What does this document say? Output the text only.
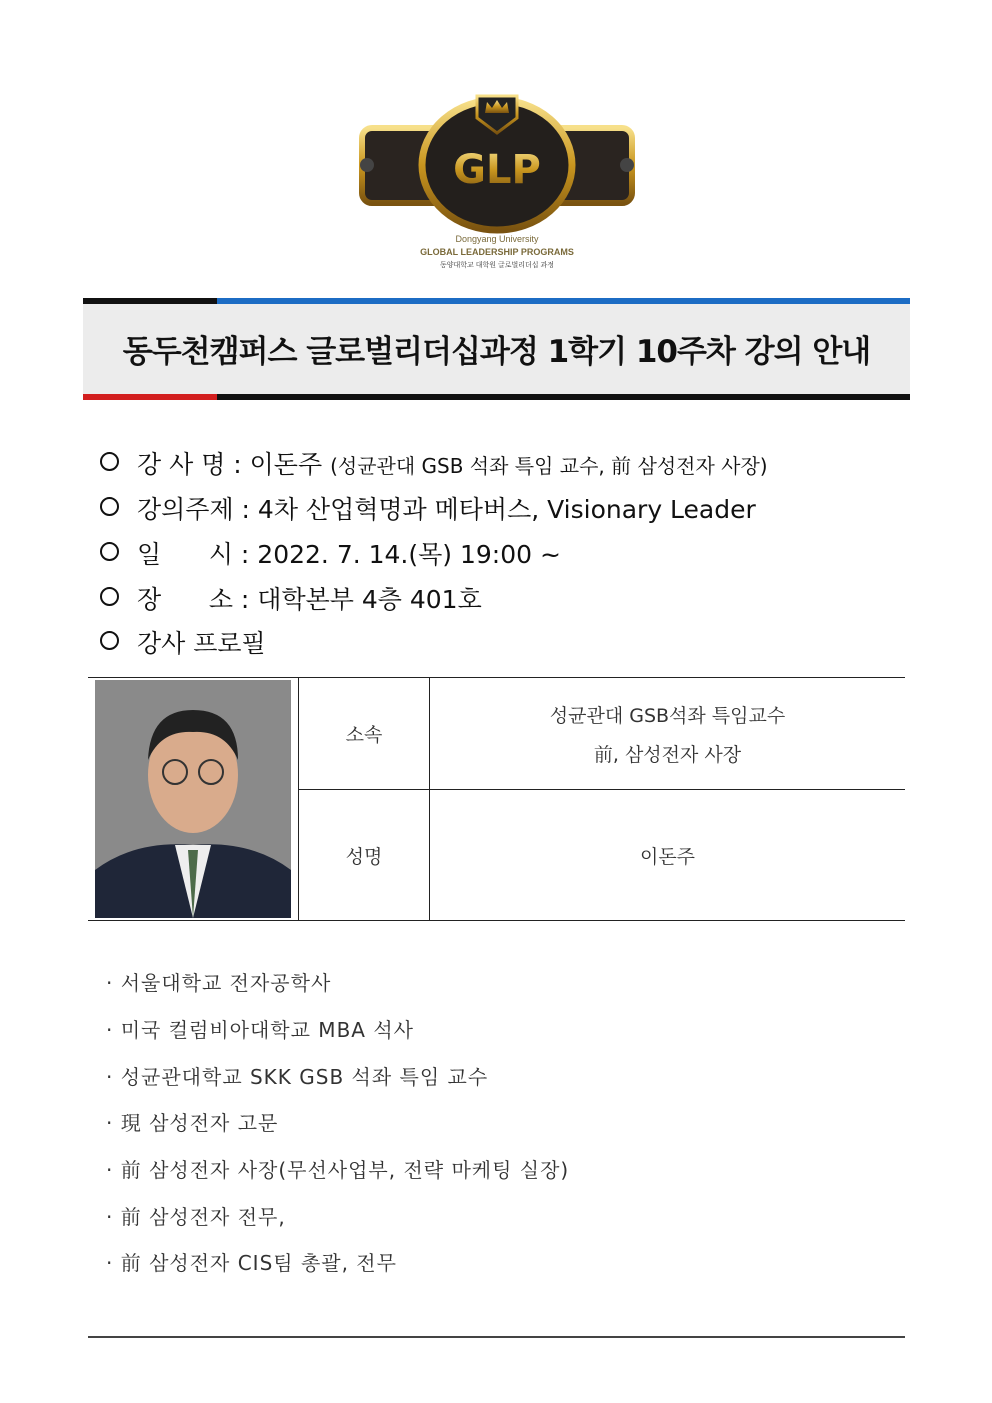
GLP
Dongyang University
GLOBAL LEADERSHIP PROGRAMS
동양대학교 대학원 글로벌리더십 과정
동두천캠퍼스 글로벌리더십과정 1학기 10주차 강의 안내
강 사 명 : 이돈주 (성균관대 GSB 석좌 특임 교수, 前 삼성전자 사장)
강의주제 : 4차 산업혁명과 메타버스, Visionary Leader
일      시 : 2022. 7. 14.(목) 19:00 ~
장      소 : 대학본부 4층 401호
강사 프로필
	소속	성균관대 GSB석좌 특임교수
前, 삼성전자 사장

	성명	이돈주
· 서울대학교 전자공학사
· 미국 컬럼비아대학교 MBA 석사
· 성균관대학교 SKK GSB 석좌 특임 교수
· 現 삼성전자 고문
· 前 삼성전자 사장(무선사업부, 전략 마케팅 실장)
· 前 삼성전자 전무,
· 前 삼성전자 CIS팀 총괄, 전무
